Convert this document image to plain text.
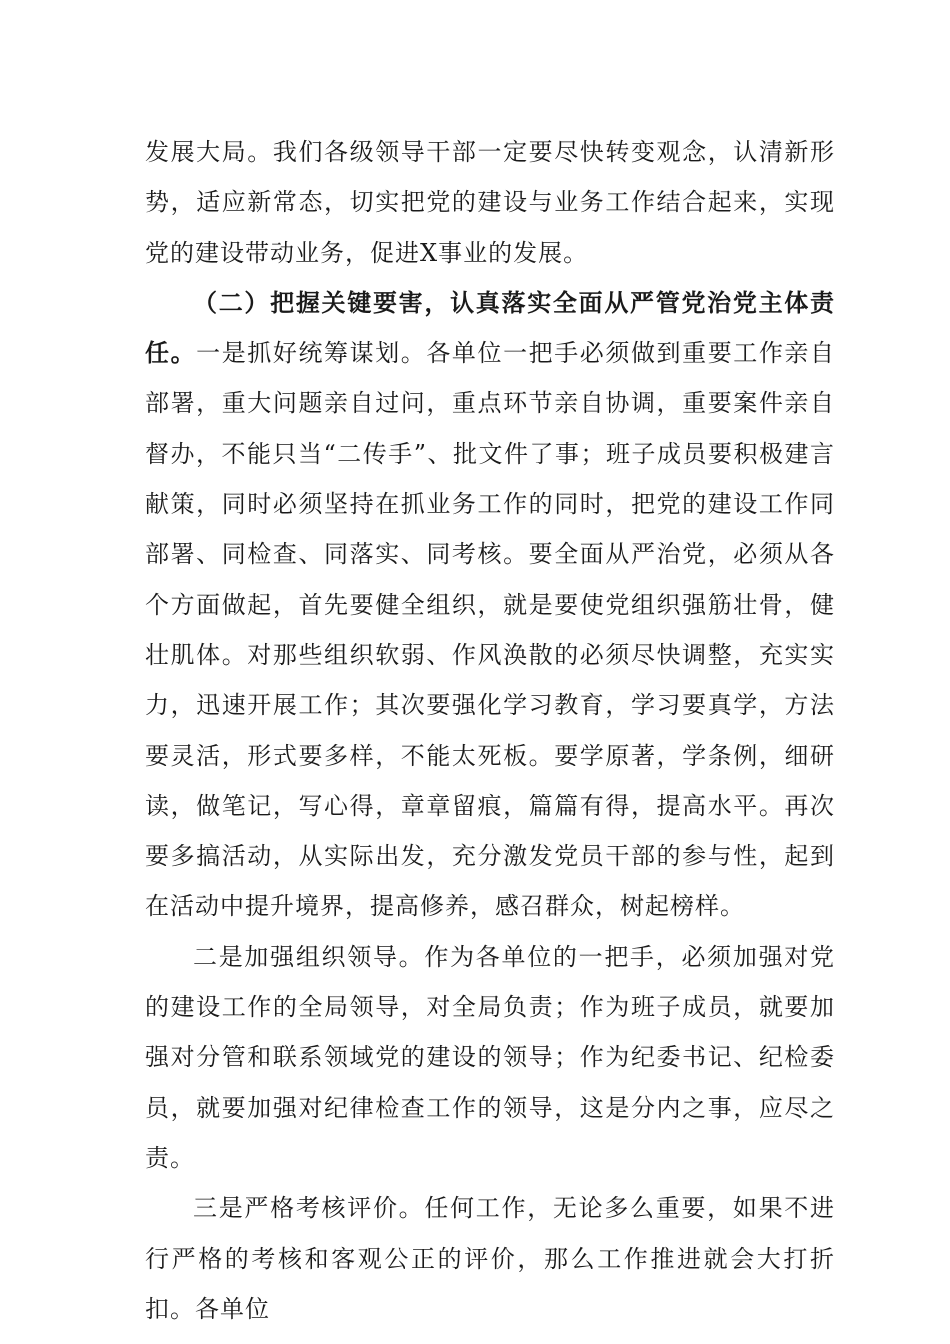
发展大局。我们各级领导干部一定要尽快转变观念，认清新形势，适应新常态，切实把党的建设与业务工作结合起来，实现党的建设带动业务，促进X事业的发展。

（二）把握关键要害，认真落实全面从严管党治党主体责任。一是抓好统筹谋划。各单位一把手必须做到重要工作亲自部署，重大问题亲自过问，重点环节亲自协调，重要案件亲自督办，不能只当“二传手”、批文件了事；班子成员要积极建言献策，同时必须坚持在抓业务工作的同时，把党的建设工作同部署、同检查、同落实、同考核。要全面从严治党，必须从各个方面做起，首先要健全组织，就是要使党组织强筋壮骨，健壮肌体。对那些组织软弱、作风涣散的必须尽快调整，充实实力，迅速开展工作；其次要强化学习教育，学习要真学，方法要灵活，形式要多样，不能太死板。要学原著，学条例，细研读，做笔记，写心得，章章留痕，篇篇有得，提高水平。再次要多搞活动，从实际出发，充分激发党员干部的参与性，起到在活动中提升境界，提高修养，感召群众，树起榜样。

二是加强组织领导。作为各单位的一把手，必须加强对党的建设工作的全局领导，对全局负责；作为班子成员，就要加强对分管和联系领域党的建设的领导；作为纪委书记、纪检委员，就要加强对纪律检查工作的领导，这是分内之事，应尽之责。

三是严格考核评价。任何工作，无论多么重要，如果不进行严格的考核和客观公正的评价，那么工作推进就会大打折扣。各单位
